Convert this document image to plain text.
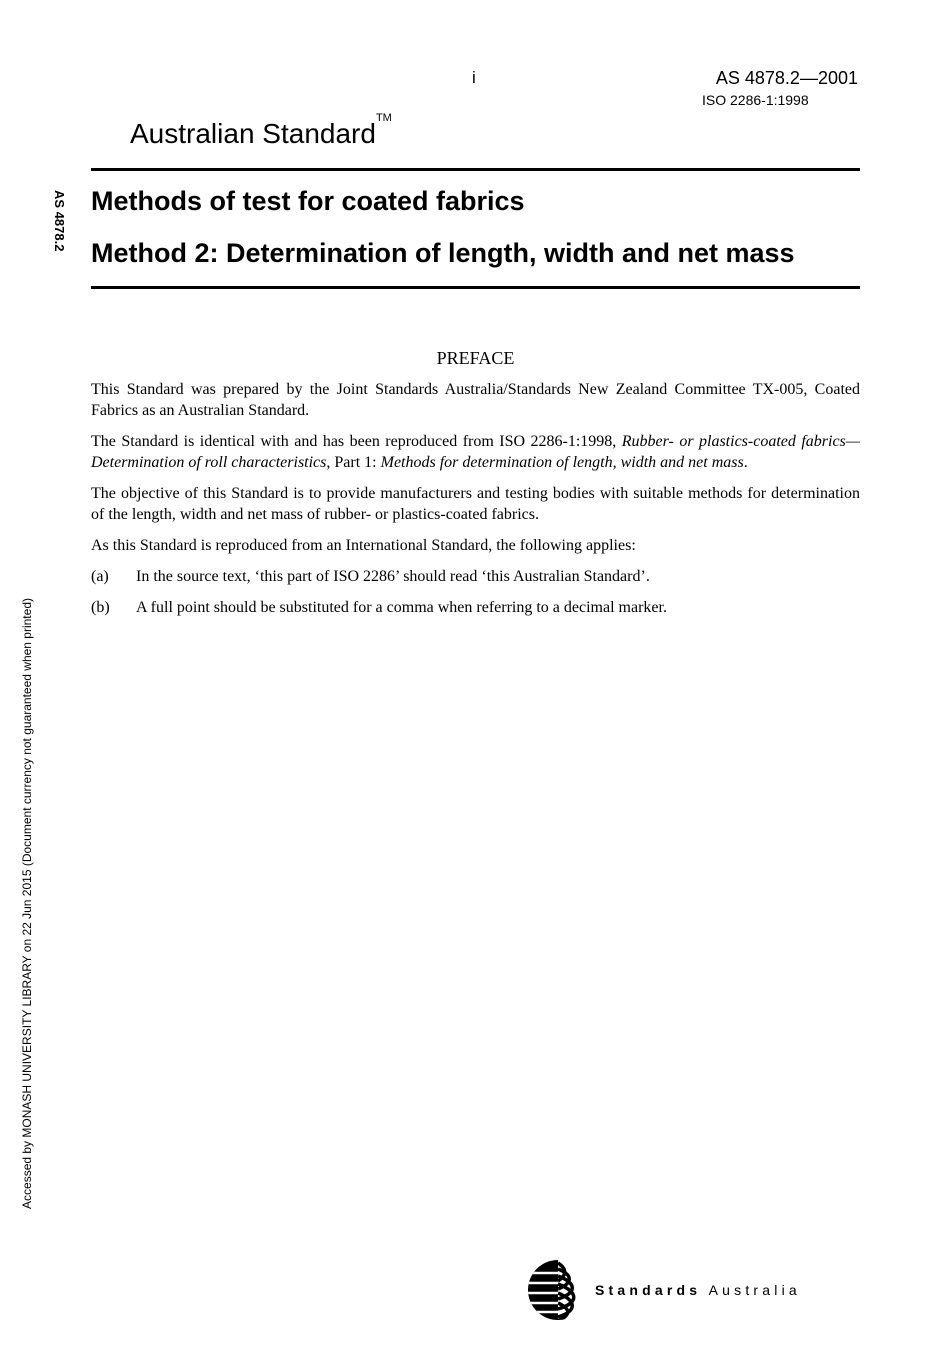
i	AS 4878.2—2001
ISO 2286-1:1998
Australian Standard™
Methods of test for coated fabrics
Method 2: Determination of length, width and net mass
AS 4878.2
Accessed by MONASH UNIVERSITY LIBRARY on 22 Jun 2015 (Document currency not guaranteed when printed)
PREFACE

This Standard was prepared by the Joint Standards Australia/Standards New Zealand Committee TX-005, Coated Fabrics as an Australian Standard.

The Standard is identical with and has been reproduced from ISO 2286-1:1998, Rubber- or plastics-coated fabrics—Determination of roll characteristics, Part 1: Methods for determination of length, width and net mass.

The objective of this Standard is to provide manufacturers and testing bodies with suitable methods for determination of the length, width and net mass of rubber- or plastics-coated fabrics.

As this Standard is reproduced from an International Standard, the following applies:

(a)	In the source text, ‘this part of ISO 2286’ should read ‘this Australian Standard’.
(b)	A full point should be substituted for a comma when referring to a decimal marker.
Standards Australia
